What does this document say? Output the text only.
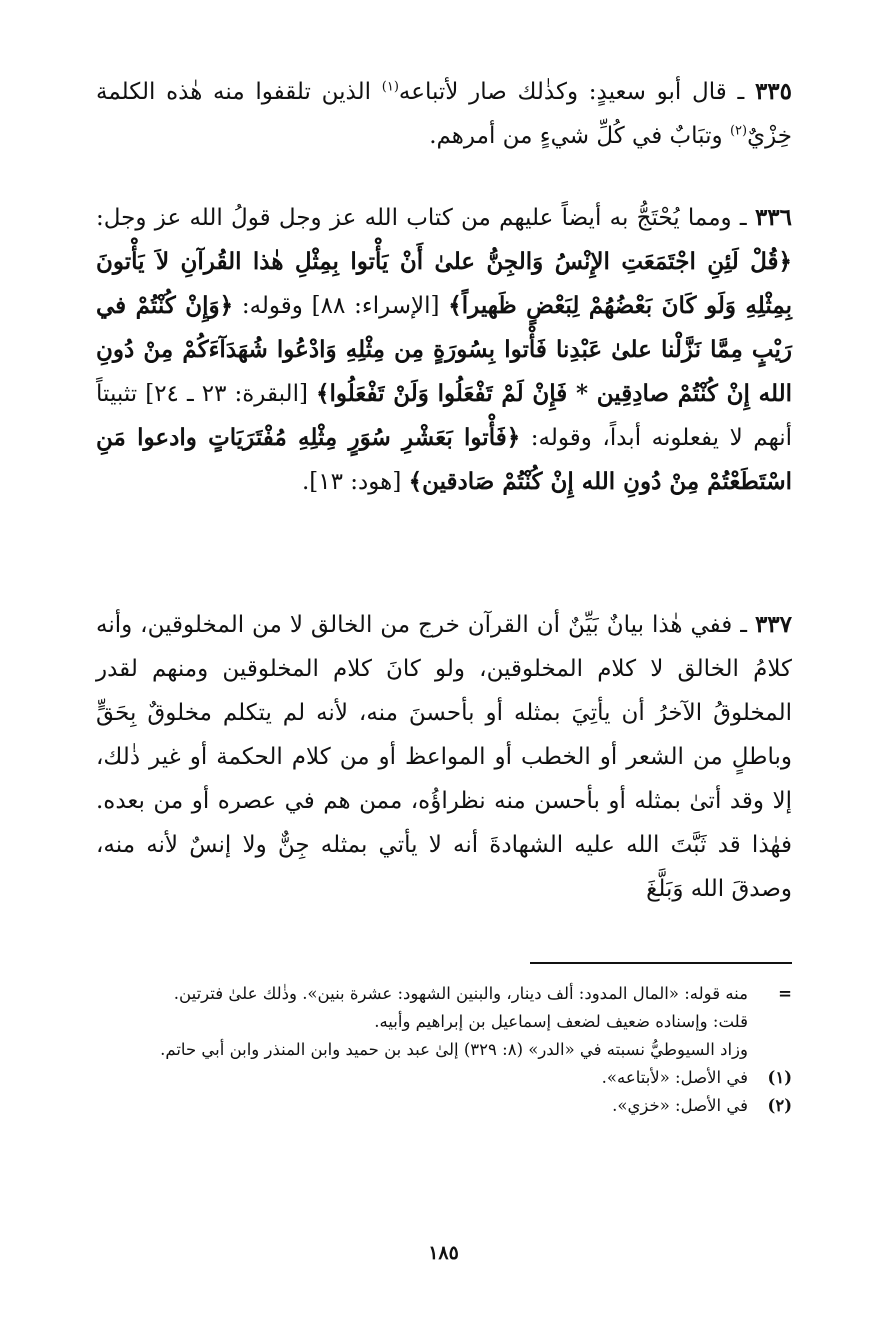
٣٣٥ ـ قال أبو سعيدٍ: وكذٰلك صار لأتباعه$^{(١)}$ الذين تلقفوا منه هٰذه الكلمة خِزْيٌ$^{(٢)}$ وتبَابٌ في كُلِّ شيءٍ من أمرهم.

٣٣٦ ـ ومما يُحْتَجُّ به أيضاً عليهم من كتاب الله عز وجل قولُ الله عز وجل: ﴿قُلْ لَئِنِ اجْتَمَعَتِ الإِنْسُ وَالجِنُّ علىٰ أَنْ يَأْتوا بِمِثْلِ هٰذا القُرآنِ لاَ يَأْتونَ بِمِثْلِهِ وَلَو كَانَ بَعْضُهُمْ لِبَعْضٍ ظَهيراً﴾ [الإسراء: ٨٨] وقوله: ﴿وَإِنْ كُنْتُمْ في رَيْبٍ مِمَّا نَزَّلْنا علىٰ عَبْدِنا فَأْتوا بِسُورَةٍ مِن مِثْلِهِ وَادْعُوا شُهَدَآءَكُمْ مِنْ دُونِ الله إِنْ كُنْتُمْ صادِقِين * فَإِنْ لَمْ تَفْعَلُوا وَلَنْ تَفْعَلُوا﴾ [البقرة: ٢٣ ـ ٢٤] تثبيتاً أنهم لا يفعلونه أبداً، وقوله: ﴿فَأْتوا بَعَشْرِ سُوَرٍ مِثْلِهِ مُفْتَرَيَاتٍ وادعوا مَنِ اسْتَطَعْتُمْ مِنْ دُونِ الله إِنْ كُنْتُمْ صَادقين﴾ [هود: ١٣].

٣٣٧ ـ ففي هٰذا بيانٌ بَيِّنٌ أن القرآن خرج من الخالق لا من المخلوقين، وأنه كلامُ الخالق لا كلام المخلوقين، ولو كانَ كلام المخلوقين ومنهم لقدر المخلوقُ الآخرُ أن يأتِيَ بمثله أو بأحسنَ منه، لأنه لم يتكلم مخلوقٌ بِحَقٍّ وباطلٍ من الشعر أو الخطب أو المواعظ أو من كلام الحكمة أو غير ذٰلك، إلا وقد أتىٰ بمثله أو بأحسن منه نظراؤُه، ممن هم في عصره أو من بعده. فهٰذا قد ثَبَّتَ الله عليه الشهادةَ أنه لا يأتي بمثله جِنٌّ ولا إنسٌ لأنه منه، وصدقَ الله وَبَلَّغَ

=
منه قوله: «المال المدود: ألف دينار، والبنين الشهود: عشرة بنين». وذٰلك علىٰ فترتين.
قلت: وإسناده ضعيف لضعف إسماعيل بن إبراهيم وأبيه.
وزاد السيوطيُّ نسبته في «الدر» (٨: ٣٢٩) إلىٰ عبد بن حميد وابن المنذر وابن أبي حاتم.
(١)
في الأصل: «لأبتاعه».
(٢)
في الأصل: «خزي».
١٨٥
